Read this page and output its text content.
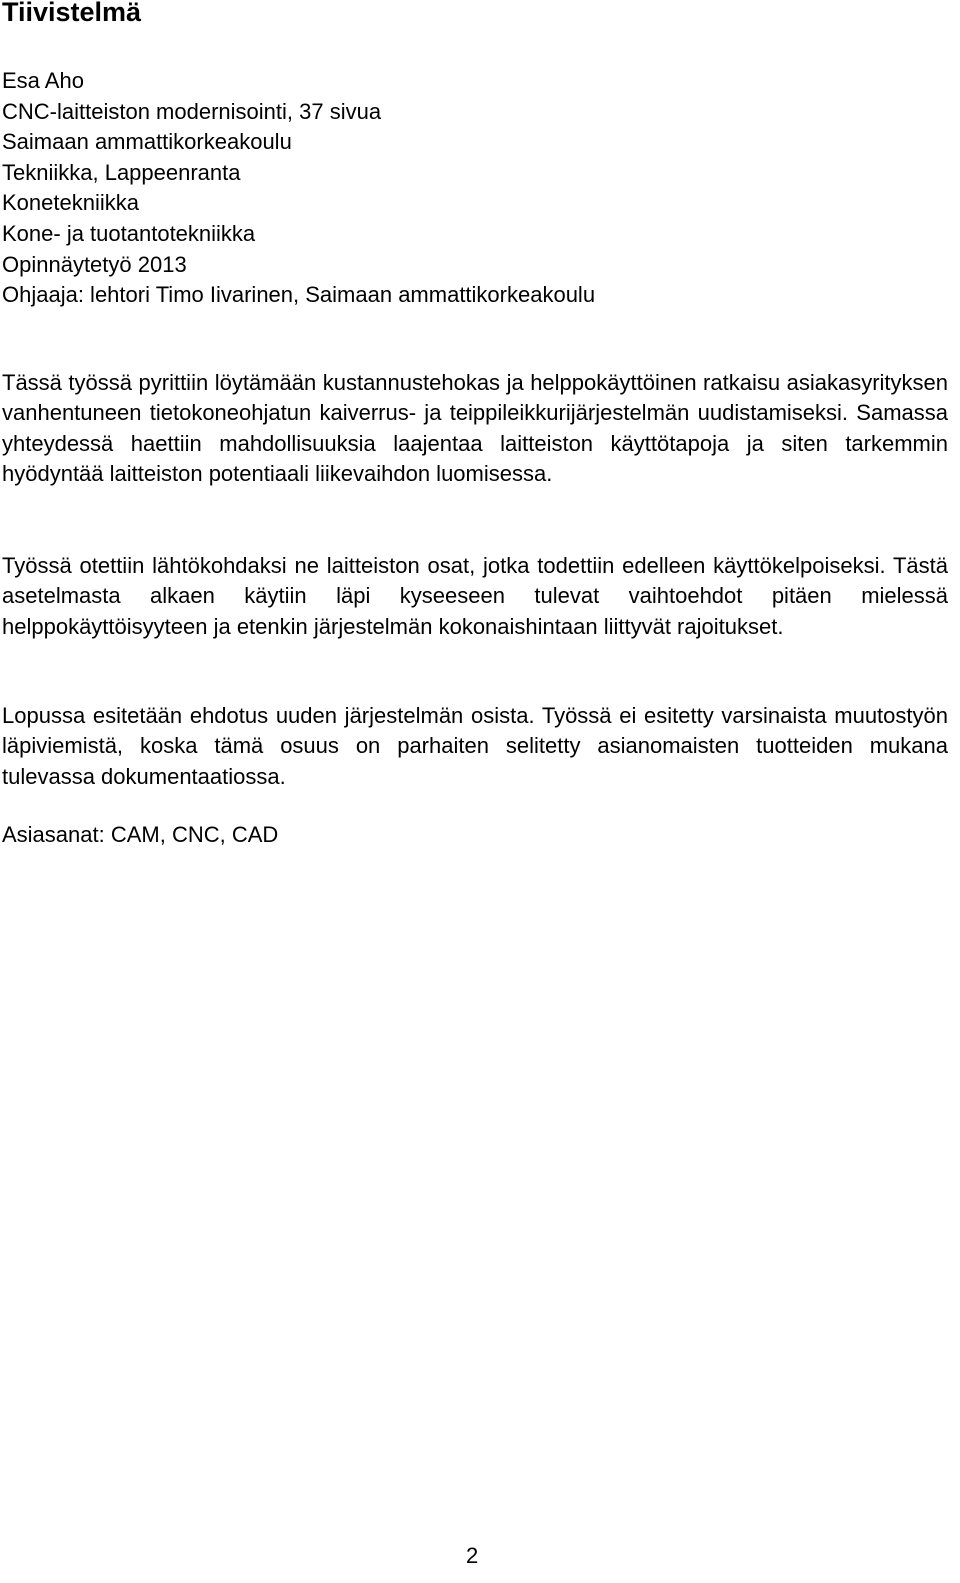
Tiivistelmä
Esa Aho
CNC-laitteiston modernisointi, 37 sivua
Saimaan ammattikorkeakoulu
Tekniikka, Lappeenranta
Konetekniikka
Kone- ja tuotantotekniikka
Opinnäytetyö 2013
Ohjaaja: lehtori Timo Iivarinen, Saimaan ammattikorkeakoulu

Tässä työssä pyrittiin löytämään kustannustehokas ja helppokäyttöinen ratkaisu asiakasyrityksen vanhentuneen tietokoneohjatun kaiverrus- ja teippileikkurijärjestelmän uudistamiseksi. Samassa yhteydessä haettiin mahdollisuuksia laajentaa laitteiston käyttötapoja ja siten tarkemmin hyödyntää laitteiston potentiaali liikevaihdon luomisessa.

Työssä otettiin lähtökohdaksi ne laitteiston osat, jotka todettiin edelleen käyttökelpoiseksi. Tästä asetelmasta alkaen käytiin läpi kyseeseen tulevat vaihtoehdot pitäen mielessä helppokäyttöisyyteen ja etenkin järjestelmän kokonaishintaan liittyvät rajoitukset.

Lopussa esitetään ehdotus uuden järjestelmän osista. Työssä ei esitetty varsinaista muutostyön läpiviemistä, koska tämä osuus on parhaiten selitetty asianomaisten tuotteiden mukana tulevassa dokumentaatiossa.

Asiasanat: CAM, CNC, CAD
2
